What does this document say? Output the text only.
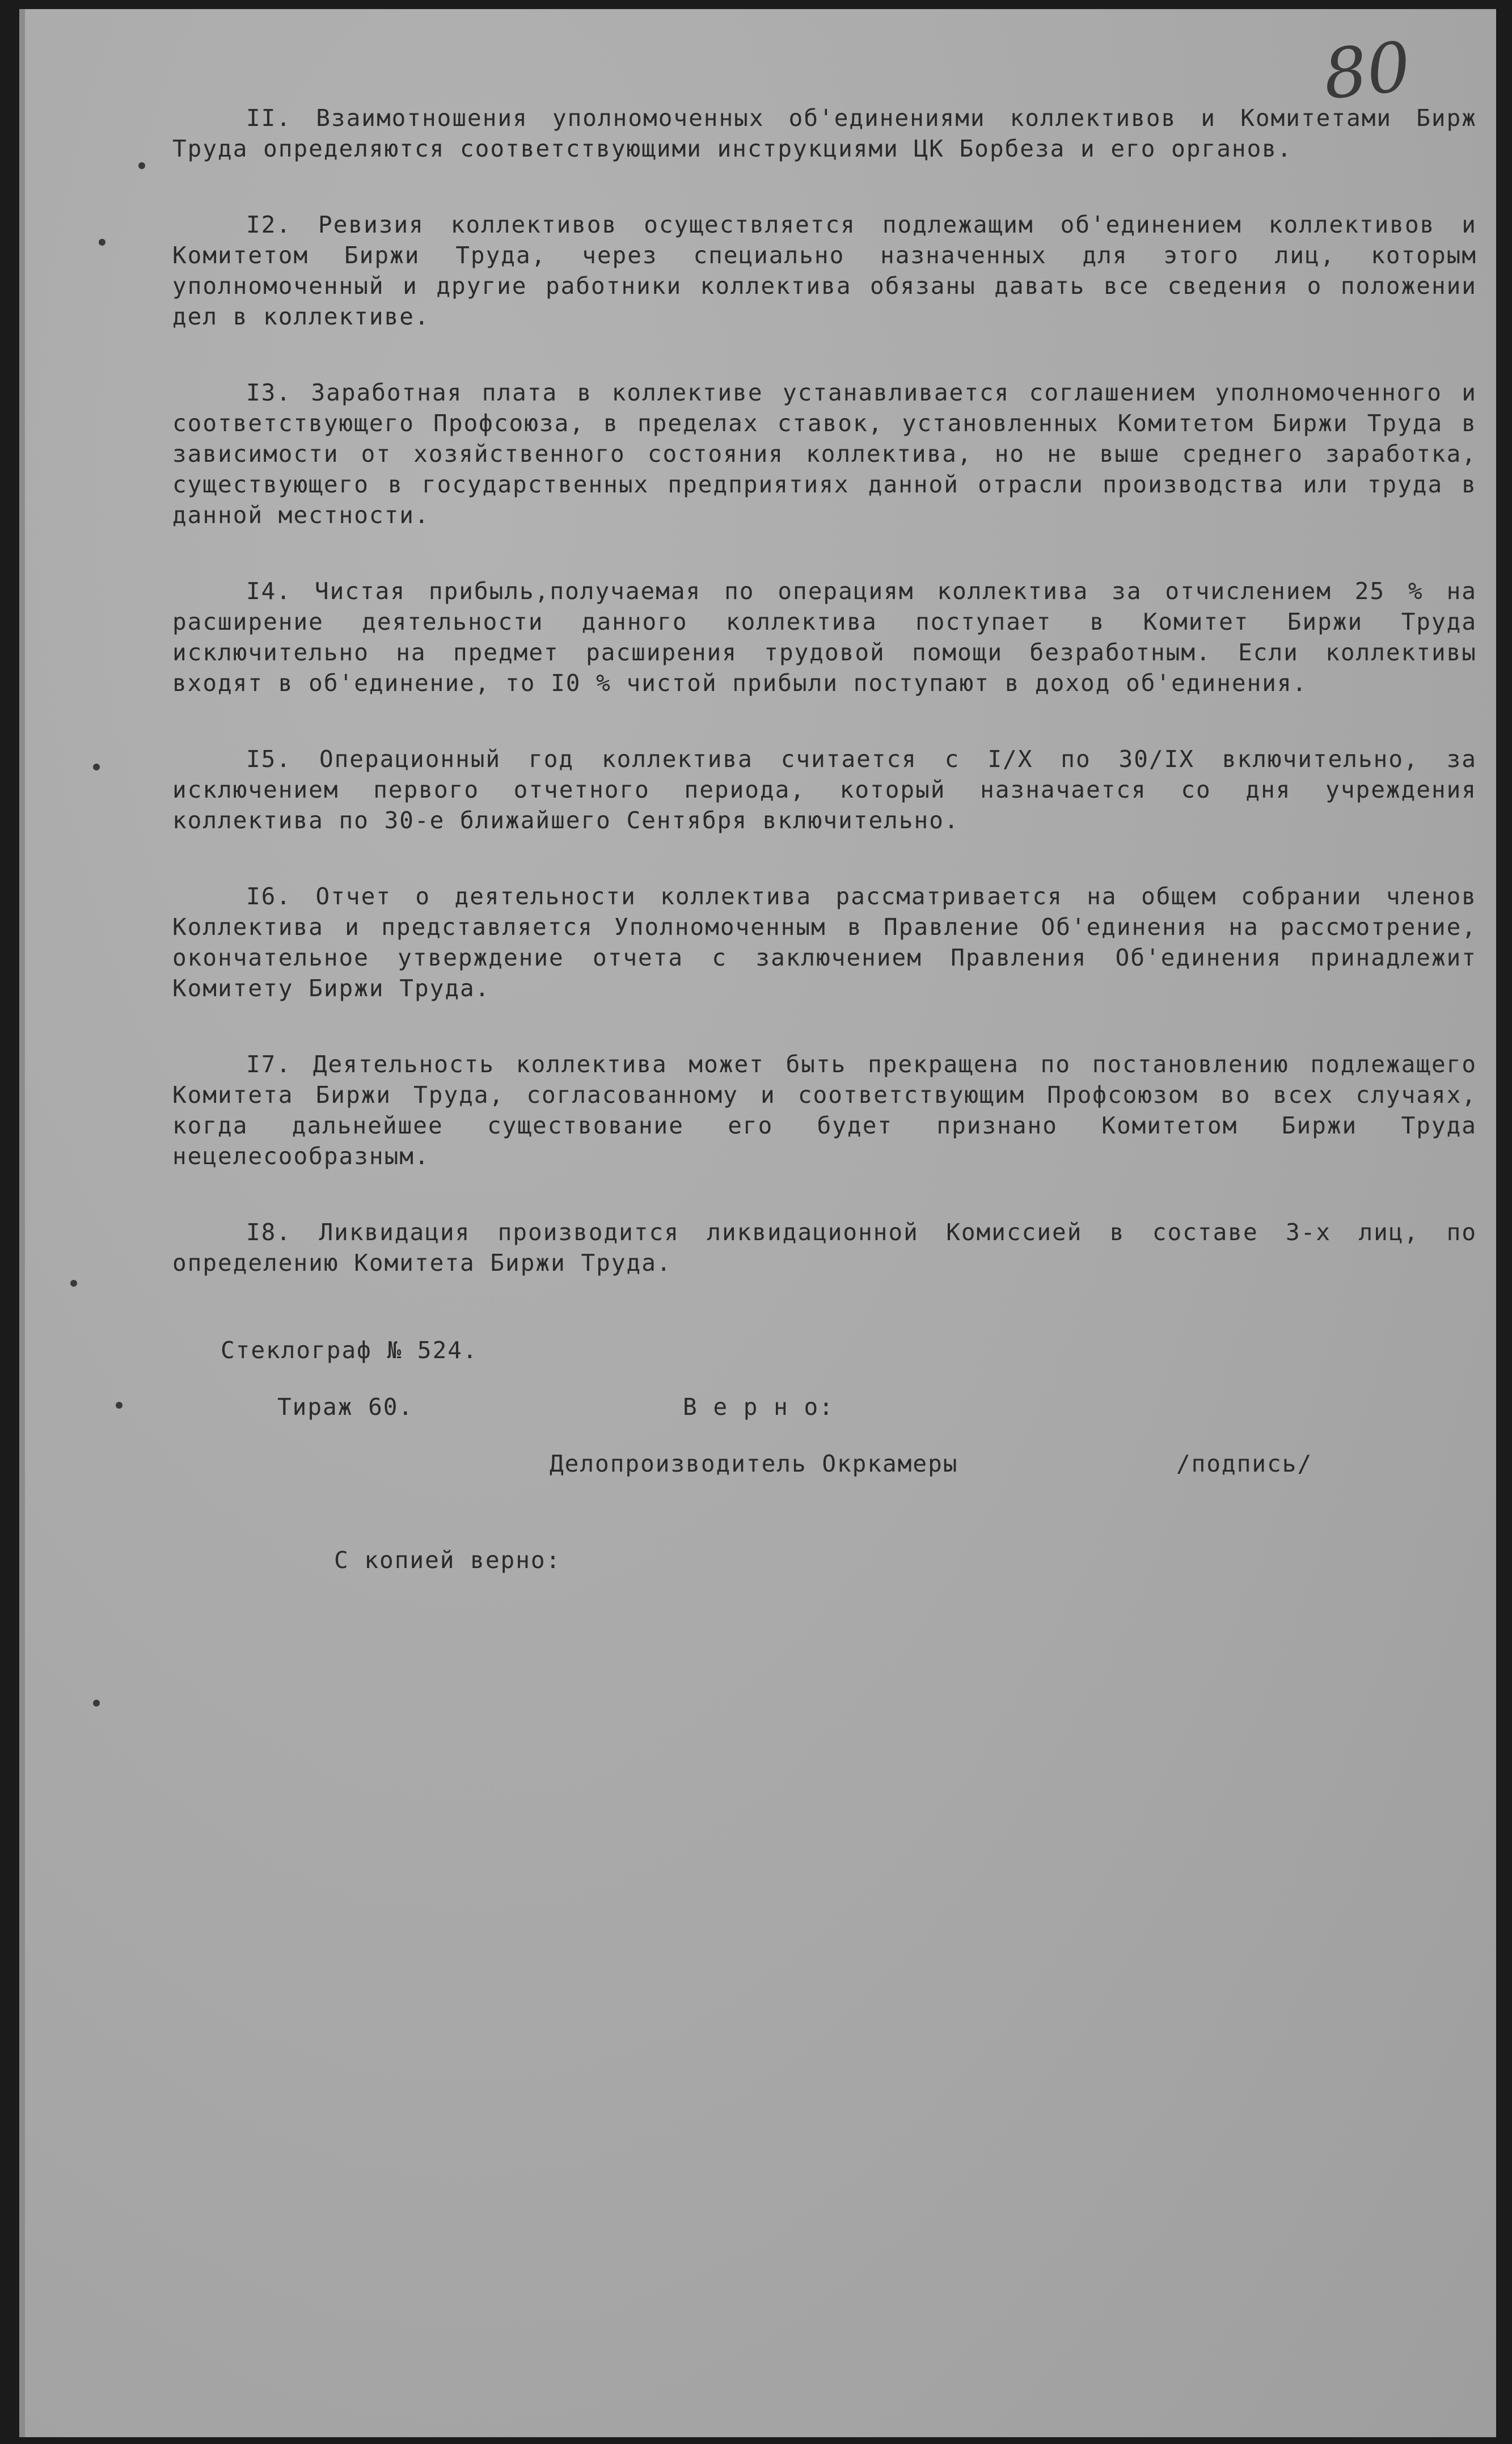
80

II. Взаимотношения уполномоченных об'единениями коллективов и Комитетами Бирж Труда определяются соответствующими инструкциями ЦК Борбеза и его органов.

I2. Ревизия коллективов осуществляется подлежащим об'единением коллективов и Комитетом Биржи Труда, через специально назначенных для этого лиц, которым уполномоченный и другие работники коллектива обязаны давать все сведения о положении дел в коллективе.

I3. Заработная плата в коллективе устанавливается соглашением уполномоченного и соответствующего Профсоюза, в пределах ставок, установленных Комитетом Биржи Труда в зависимости от хозяйственного состояния коллектива, но не выше среднего заработка, существующего в государственных предприятиях данной отрасли производства или труда в данной местности.

I4. Чистая прибыль,получаемая по операциям коллектива за отчислением 25 % на расширение деятельности данного коллектива поступает в Комитет Биржи Труда исключительно на предмет расширения трудовой помощи безработным. Если коллективы входят в об'единение, то I0 % чистой прибыли поступают в доход об'единения.

I5. Операционный год коллектива считается с I/X по 30/IX включительно, за исключением первого отчетного периода, который назначается со дня учреждения коллектива по 30-е ближайшего Сентября включительно.

I6. Отчет о деятельности коллектива рассматривается на общем собрании членов Коллектива и представляется Уполномоченным в Правление Об'единения на рассмотрение, окончательное утверждение отчета с заключением Правления Об'единения принадлежит Комитету Биржи Труда.

I7. Деятельность коллектива может быть прекращена по постановлению подлежащего Комитета Биржи Труда, согласованному и соответствующим Профсоюзом во всех случаях, когда дальнейшее существование его будет признано Комитетом Биржи Труда нецелесообразным.

I8. Ликвидация производится ликвидационной Комиссией в составе 3-х лиц, по определению Комитета Биржи Труда.

Стеклограф № 524.
Тираж 60.	В е р н о:
Делопроизводитель Окркамеры	/подпись/
С копией верно:
